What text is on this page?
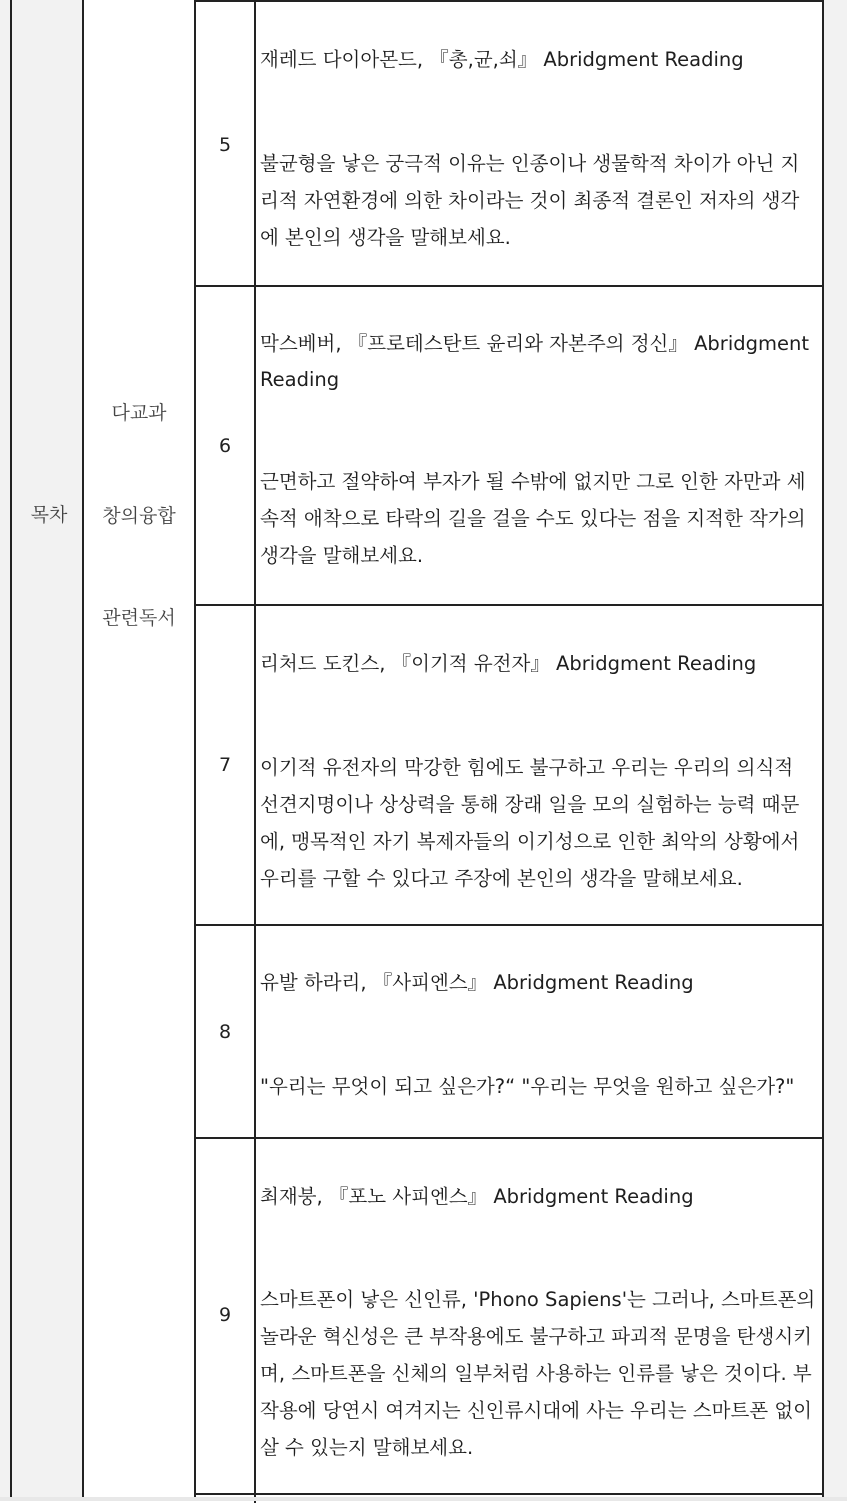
목차
다교과
창의융합
관련독서
5
재레드 다이아몬드, 『총,균,쇠』 Abridgment Reading
불균형을 낳은 궁극적 이유는 인종이나 생물학적 차이가 아닌 지리적 자연환경에 의한 차이라는 것이 최종적 결론인 저자의 생각에 본인의 생각을 말해보세요.
6
막스베버, 『프로테스탄트 윤리와 자본주의 정신』 Abridgment Reading
근면하고 절약하여 부자가 될 수밖에 없지만 그로 인한 자만과 세속적 애착으로 타락의 길을 걸을 수도 있다는 점을 지적한 작가의 생각을 말해보세요.
7
리처드 도킨스, 『이기적 유전자』 Abridgment Reading
이기적 유전자의 막강한 힘에도 불구하고 우리는 우리의 의식적 선견지명이나 상상력을 통해 장래 일을 모의 실험하는 능력 때문에, 맹목적인 자기 복제자들의 이기성으로 인한 최악의 상황에서 우리를 구할 수 있다고 주장에 본인의 생각을 말해보세요.
8
유발 하라리, 『사피엔스』 Abridgment Reading
"우리는 무엇이 되고 싶은가?“ "우리는 무엇을 원하고 싶은가?"
9
최재붕, 『포노 사피엔스』 Abridgment Reading
스마트폰이 낳은 신인류, 'Phono Sapiens'는 그러나, 스마트폰의 놀라운 혁신성은 큰 부작용에도 불구하고 파괴적 문명을 탄생시키며, 스마트폰을 신체의 일부처럼 사용하는 인류를 낳은 것이다. 부작용에 당연시 여겨지는 신인류시대에 사는 우리는 스마트폰 없이 살 수 있는지 말해보세요.
